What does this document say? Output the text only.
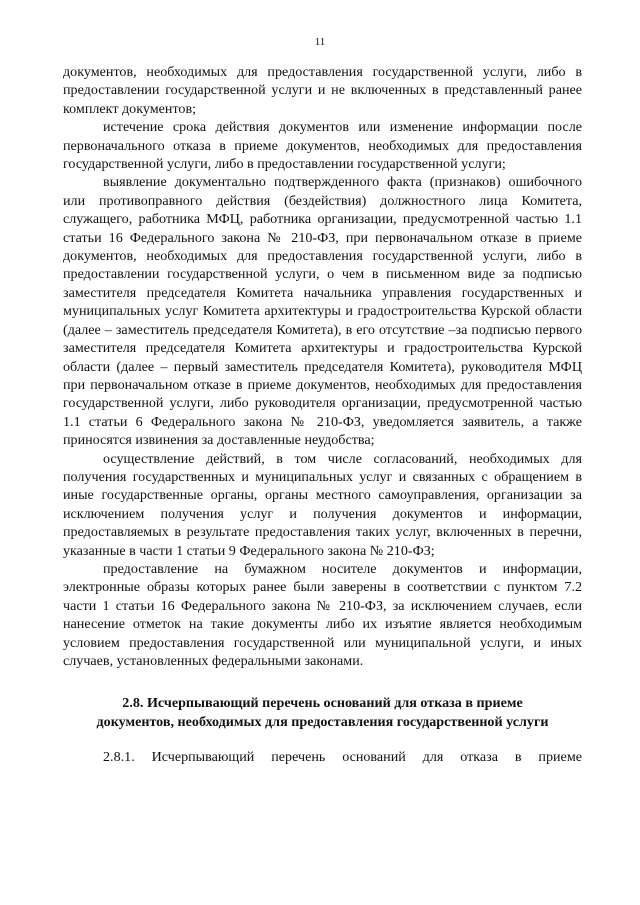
11

документов, необходимых для предоставления государственной услуги, либо в предоставлении государственной услуги и не включенных в представленный ранее комплект документов;

истечение срока действия документов или изменение информации после первоначального отказа в приеме документов, необходимых для предоставления государственной услуги, либо в предоставлении государственной услуги;

выявление документально подтвержденного факта (признаков) ошибочного или противоправного действия (бездействия) должностного лица Комитета, служащего, работника МФЦ, работника организации, предусмотренной частью 1.1 статьи 16 Федерального закона № 210-ФЗ, при первоначальном отказе в приеме документов, необходимых для предоставления государственной услуги, либо в предоставлении государственной услуги, о чем в письменном виде за подписью заместителя председателя Комитета начальника управления государственных и муниципальных услуг Комитета архитектуры и градостроительства Курской области (далее – заместитель председателя Комитета), в его отсутствие –за подписью первого заместителя председателя Комитета архитектуры и градостроительства Курской области (далее – первый заместитель председателя Комитета), руководителя МФЦ при первоначальном отказе в приеме документов, необходимых для предоставления государственной услуги, либо руководителя организации, предусмотренной частью 1.1 статьи 6 Федерального закона № 210-ФЗ, уведомляется заявитель, а также приносятся извинения за доставленные неудобства;

осуществление действий, в том числе согласований, необходимых для получения государственных и муниципальных услуг и связанных с обращением в иные государственные органы, органы местного самоуправления, организации за исключением получения услуг и получения документов и информации, предоставляемых в результате предоставления таких услуг, включенных в перечни, указанные в части 1 статьи 9 Федерального закона № 210-ФЗ;

предоставление на бумажном носителе документов и информации, электронные образы которых ранее были заверены в соответствии с пунктом 7.2 части 1 статьи 16 Федерального закона № 210-ФЗ, за исключением случаев, если нанесение отметок на такие документы либо их изъятие является необходимым условием предоставления государственной или муниципальной услуги, и иных случаев, установленных федеральными законами.

2.8. Исчерпывающий перечень оснований для отказа в приеме
документов, необходимых для предоставления государственной услуги

2.8.1. Исчерпывающий перечень оснований для отказа в приеме
